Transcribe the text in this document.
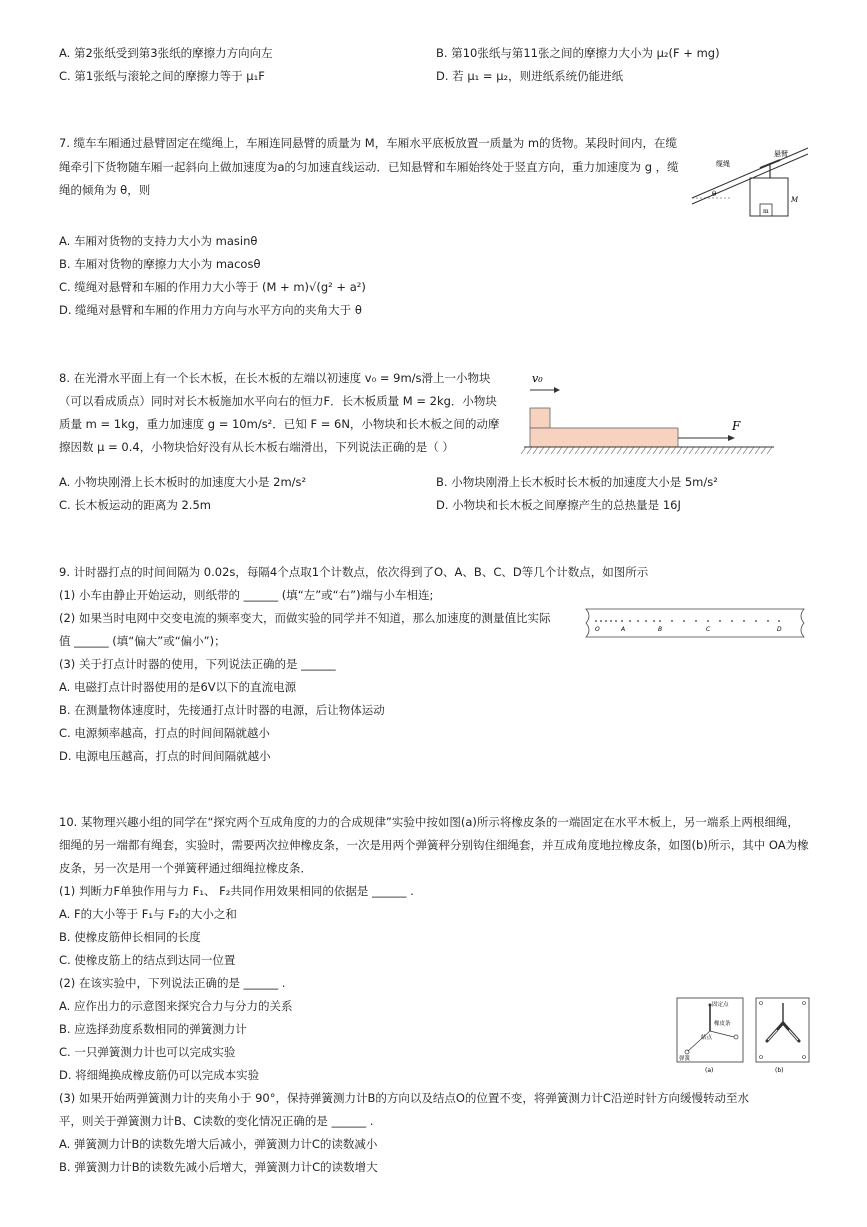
A. 第2张纸受到第3张纸的摩擦力方向向左	B. 第10张纸与第11张之间的摩擦力大小为 μ₂(F + mg)
C. 第1张纸与滚轮之间的摩擦力等于 μ₁F	D. 若 μ₁ = μ₂，则进纸系统仍能进纸
7. 缆车车厢通过悬臂固定在缆绳上，车厢连同悬臂的质量为 M，车厢水平底板放置一质量为 m的货物。某段时间内，在缆
绳牵引下货物随车厢一起斜向上做加速度为a的匀加速直线运动．已知悬臂和车厢始终处于竖直方向，重力加速度为 g ，缆
绳的倾角为 θ，则	θ
缆绳
悬臂
m
M
A. 车厢对货物的支持力大小为 masinθ
B. 车厢对货物的摩擦力大小为 macosθ
C. 缆绳对悬臂和车厢的作用力大小等于 (M + m)√(g² + a²)
D. 缆绳对悬臂和车厢的作用力方向与水平方向的夹角大于 θ
8. 在光滑水平面上有一个长木板，在长木板的左端以初速度 v₀ = 9m/s滑上一小物块
（可以看成质点）同时对长木板施加水平向右的恒力F．长木板质量 M = 2kg．小物块
质量 m = 1kg，重力加速度 g = 10m/s²．已知 F = 6N，小物块和长木板之间的动摩
擦因数 μ = 0.4，小物块恰好没有从长木板右端滑出，下列说法正确的是（ ）
v₀
F
A. 小物块刚滑上长木板时的加速度大小是 2m/s²	B. 小物块刚滑上长木板时长木板的加速度大小是 5m/s²
C. 长木板运动的距离为 2.5m	D. 小物块和长木板之间摩擦产生的总热量是 16J
9. 计时器打点的时间间隔为 0.02s，每隔4个点取1个计数点，依次得到了O、A、B、C、D等几个计数点，如图所示
(1) 小车由静止开始运动，则纸带的 ______ (填“左”或“右”)端与小车相连;
(2) 如果当时电网中交变电流的频率变大，而做实验的同学并不知道，那么加速度的测量值比实际
值 ______ (填“偏大”或“偏小”)；
(3) 关于打点计时器的使用，下列说法正确的是 ______
A. 电磁打点计时器使用的是6V以下的直流电源
B. 在测量物体速度时，先接通打点计时器的电源，后让物体运动
C. 电源频率越高，打点的时间间隔就越小
D. 电源电压越高，打点的时间间隔就越小
O	A	B	C	D
10. 某物理兴趣小组的同学在“探究两个互成角度的力的合成规律”实验中按如图(a)所示将橡皮条的一端固定在水平木板上，另一端系上两根细绳，
细绳的另一端都有绳套，实验时，需要两次拉伸橡皮条，一次是用两个弹簧秤分别钩住细绳套，并互成角度地拉橡皮条，如图(b)所示，其中 OA为橡
皮条，另一次是用一个弹簧秤通过细绳拉橡皮条．
(1) 判断力F单独作用与力 F₁、 F₂共同作用效果相同的依据是 ______ .
A. F的大小等于 F₁与 F₂的大小之和
B. 使橡皮筋伸长相同的长度
C. 使橡皮筋上的结点到达同一位置
(2) 在该实验中，下列说法正确的是 ______ .
A. 应作出力的示意图来探究合力与分力的关系
B. 应选择劲度系数相同的弹簧测力计
C. 一只弹簧测力计也可以完成实验
D. 将细绳换成橡皮筋仍可以完成本实验
(3) 如果开始两弹簧测力计的夹角小于 90°，保持弹簧测力计B的方向以及结点O的位置不变，将弹簧测力计C沿逆时针方向缓慢转动至水
平，则关于弹簧测力计B、C读数的变化情况正确的是 ______ .
A. 弹簧测力计B的读数先增大后减小，弹簧测力计C的读数减小
B. 弹簧测力计B的读数先减小后增大，弹簧测力计C的读数增大
固定点
橡皮条
结点
弹簧
(a)	(b)
